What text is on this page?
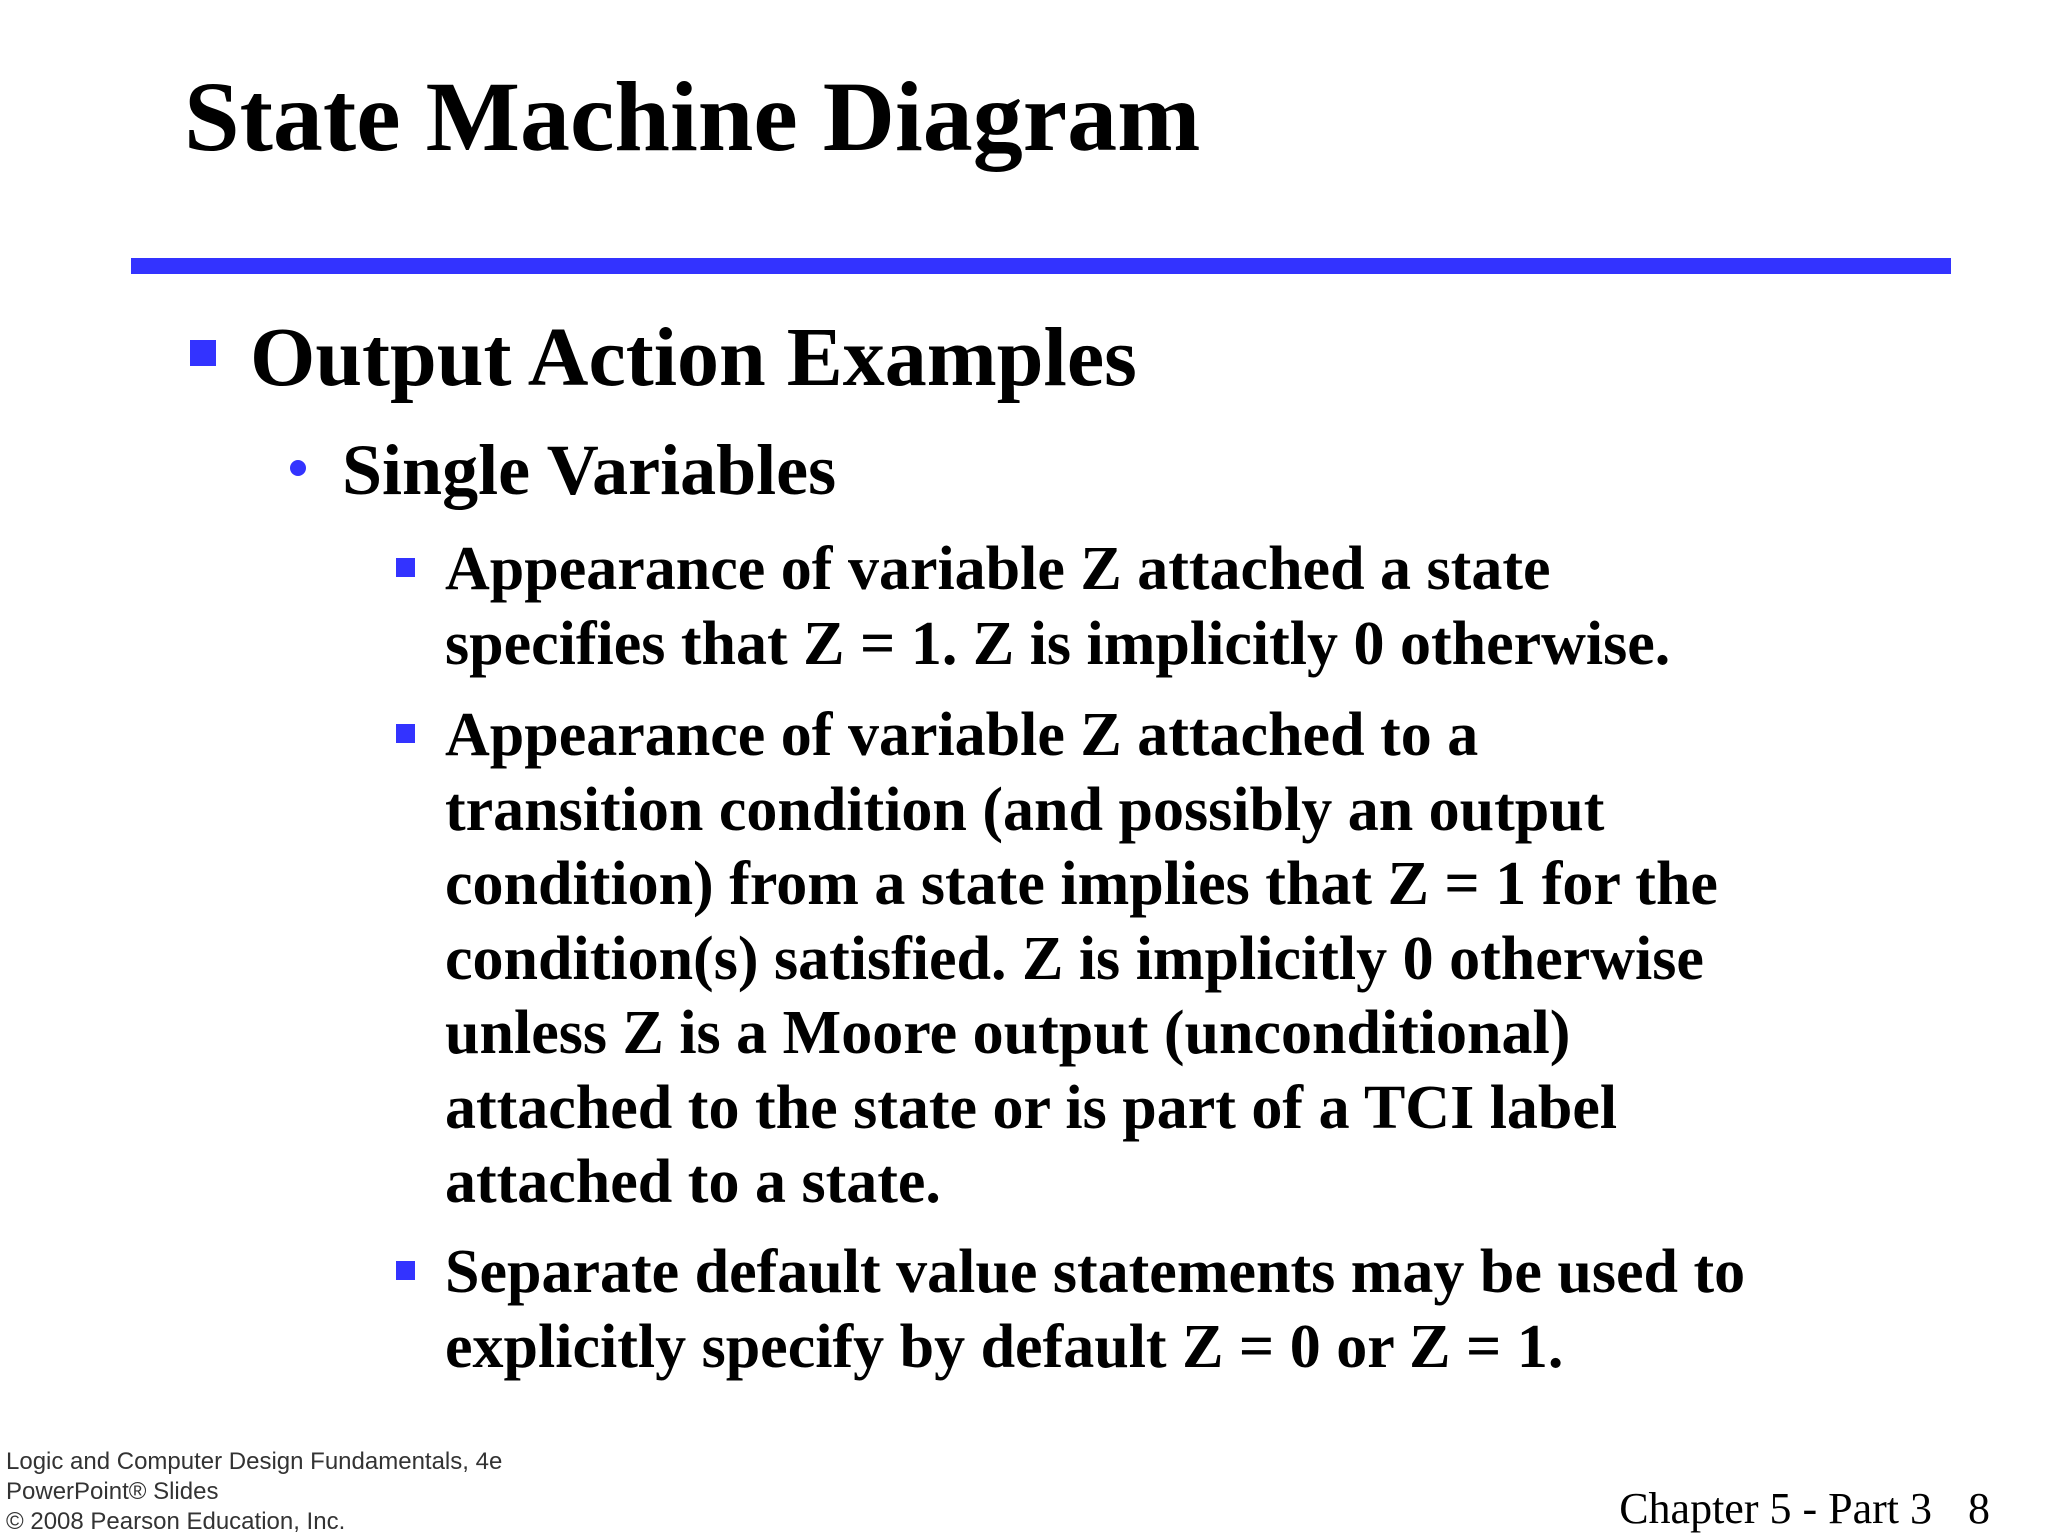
State Machine Diagram
Output Action Examples
Single Variables
Appearance of variable Z attached a state
specifies that Z = 1. Z is implicitly 0 otherwise.
Appearance of variable Z attached to a
transition condition (and possibly an output
condition) from a state implies that Z = 1 for the
condition(s) satisfied. Z is implicitly 0 otherwise
unless Z is a Moore output (unconditional)
attached to the state or is part of a TCI label
attached to a state.
Separate default value statements may be used to
explicitly specify by default Z = 0 or Z = 1.
Logic and Computer Design Fundamentals, 4e
PowerPoint® Slides
© 2008 Pearson Education, Inc.	Chapter 5 - Part 3 8
